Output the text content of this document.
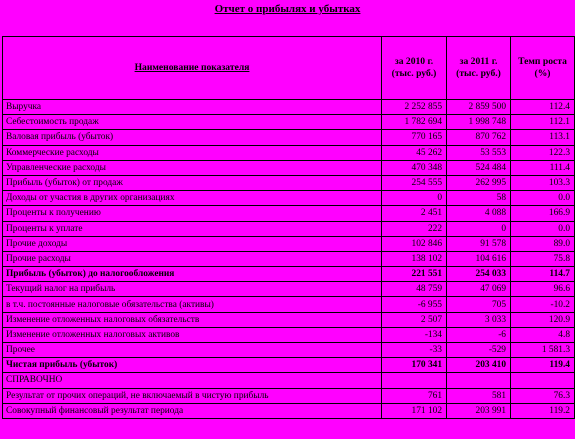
Отчет о прибылях и убытках
Наименование показателя	за 2010 г. (тыс. руб.)	за 2011 г. (тыс. руб.)	Темп роста (%)
Выручка	2 252 855	2 859 500	112.4
Себестоимость продаж	1 782 694	1 998 748	112.1
Валовая прибыль (убыток)	770 165	870 762	113.1
Коммерческие расходы	45 262	53 553	122.3
Управленческие расходы	470 348	524 484	111.4
Прибыль (убыток) от продаж	254 555	262 995	103.3
Доходы от участия в других организациях	0	58	0.0
Проценты к получению	2 451	4 088	166.9
Проценты к уплате	222	0	0.0
Прочие доходы	102 846	91 578	89.0
Прочие расходы	138 102	104 616	75.8
Прибыль (убыток) до налогообложения	221 551	254 033	114.7
Текущий налог на прибыль	48 759	47 069	96.6
в т.ч. постоянные налоговые обязательства (активы)	-6 955	705	-10.2
Изменение отложенных налоговых обязательств	2 507	3 033	120.9
Изменение отложенных налоговых активов	-134	-6	4.8
Прочее	-33	-529	1 581.3
Чистая прибыль (убыток)	170 341	203 410	119.4
СПРАВОЧНО			
Результат от прочих операций, не включаемый в чистую прибыль	761	581	76.3
Совокупный финансовый результат периода	171 102	203 991	119.2
